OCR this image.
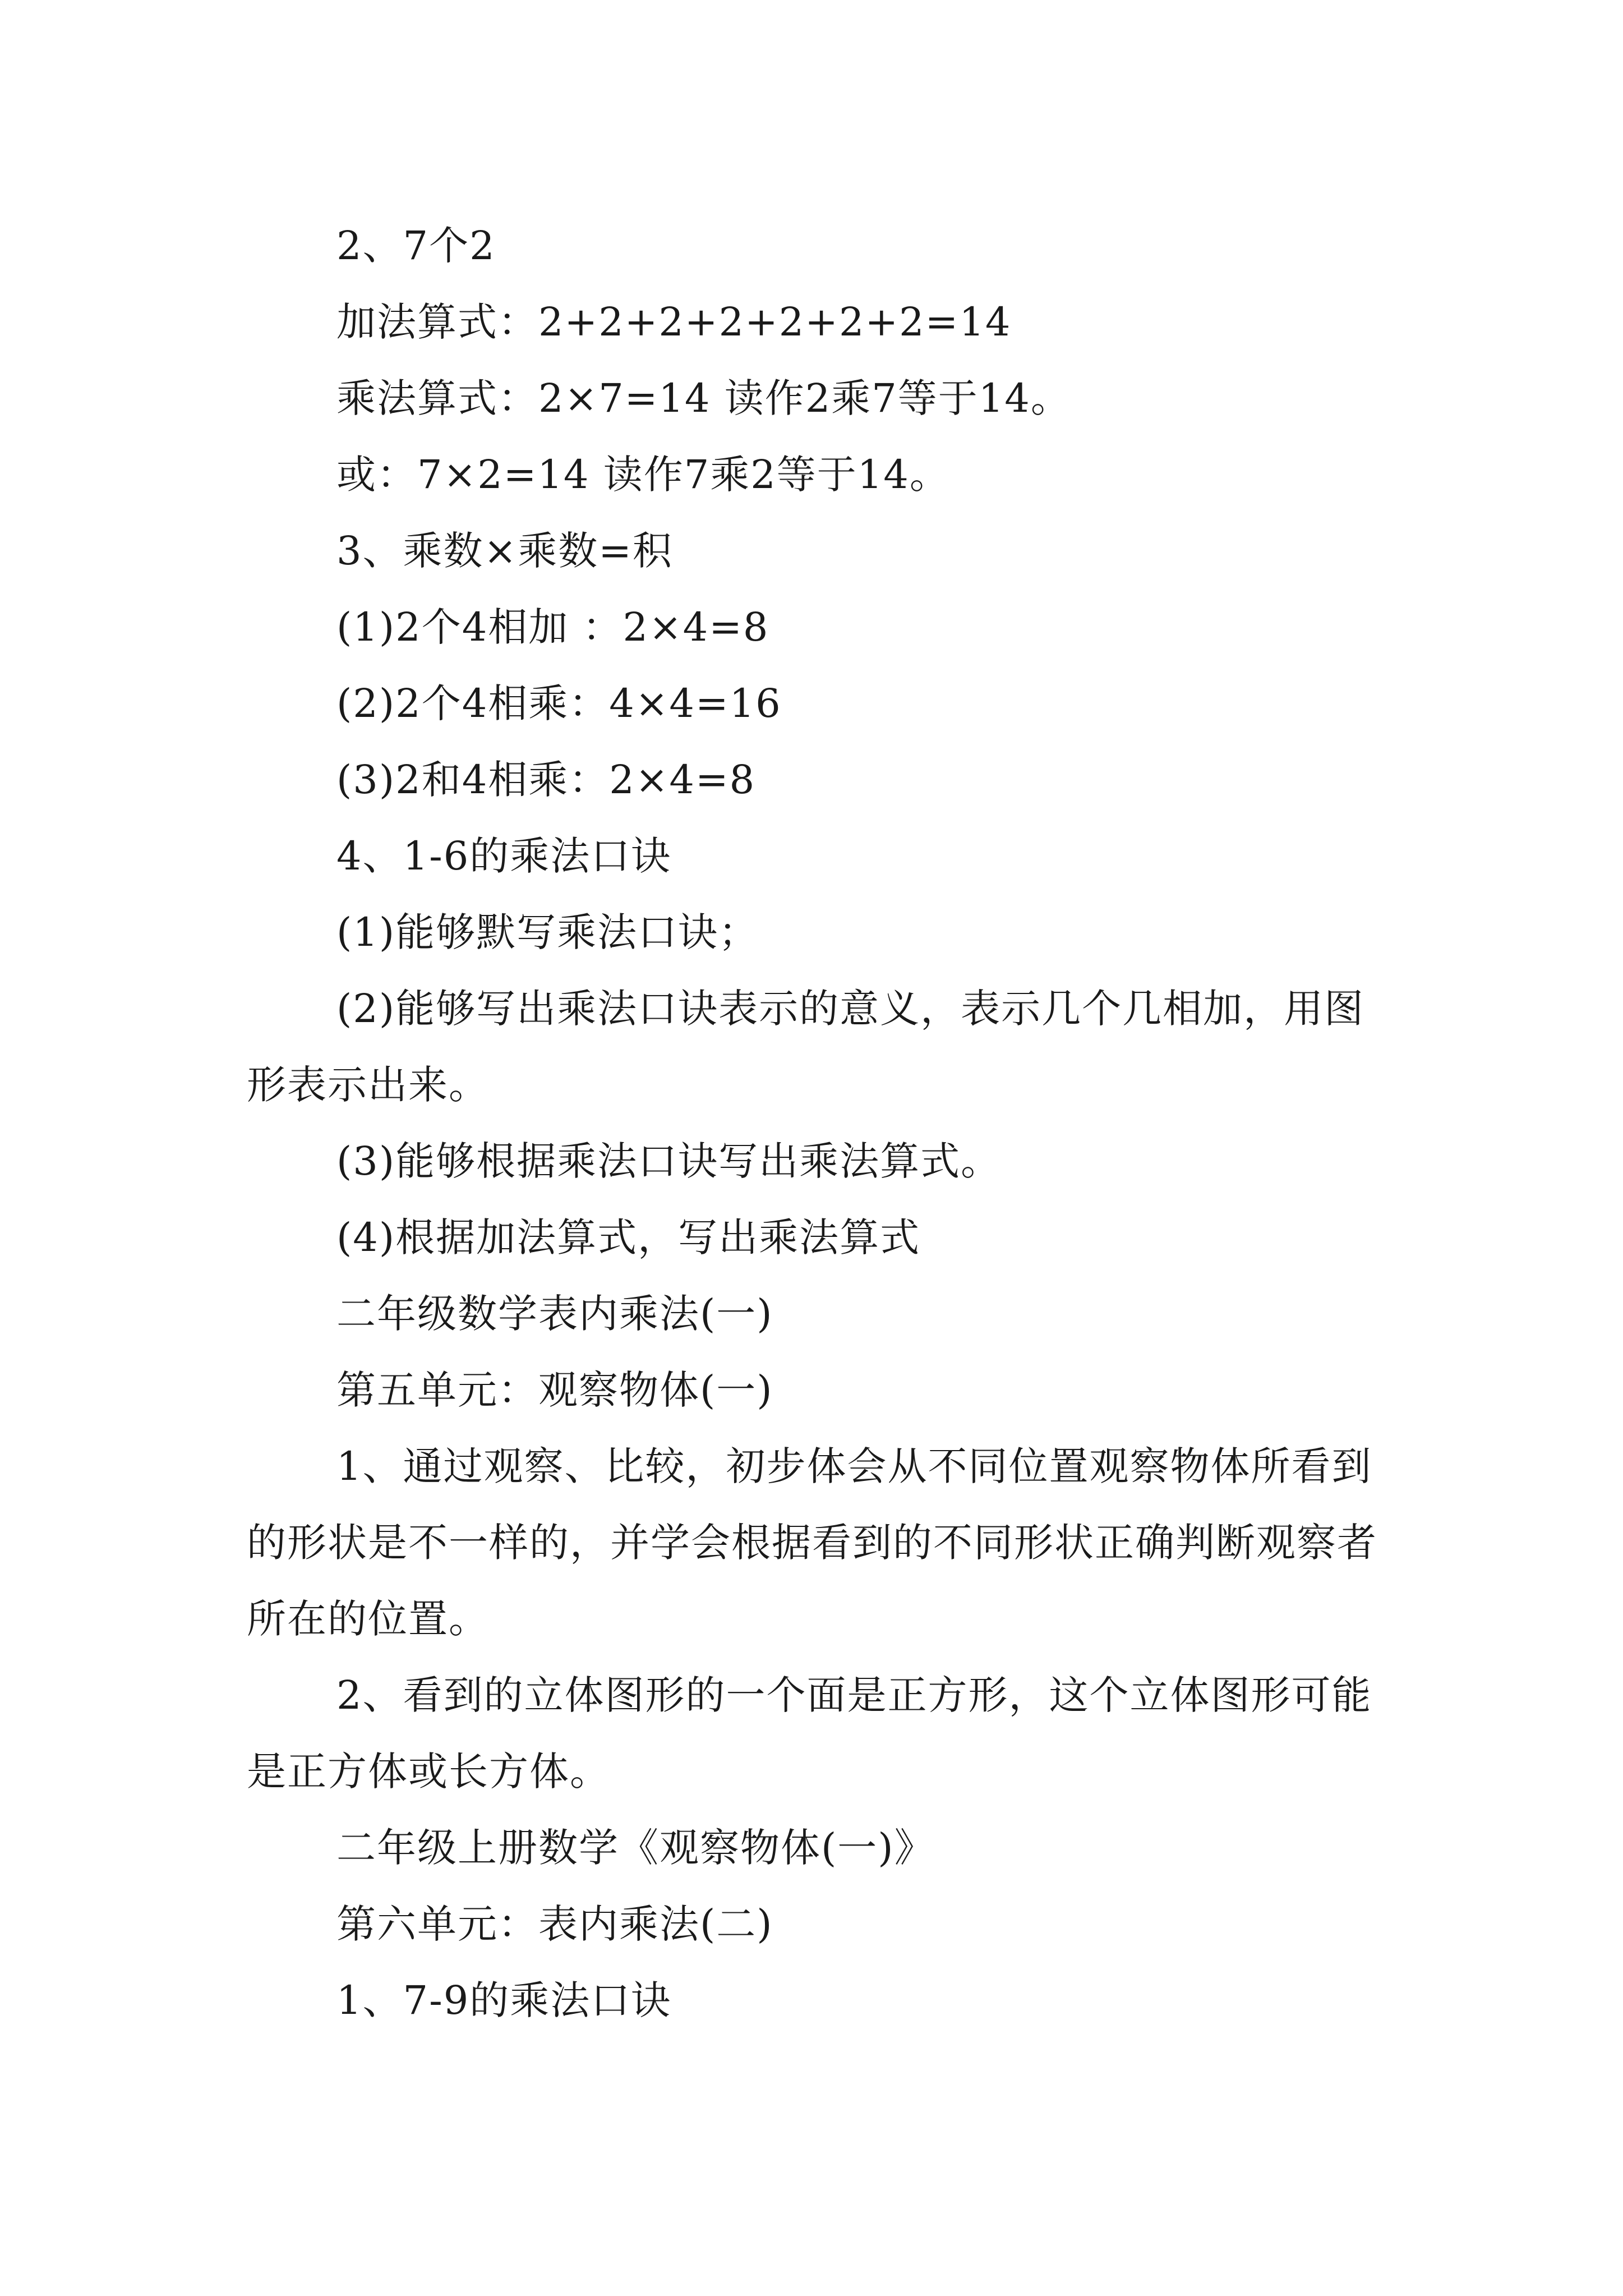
2、7个2

加法算式：2+2+2+2+2+2+2=14

乘法算式：2×7=14 读作2乘7等于14。

或：7×2=14 读作7乘2等于14。

3、乘数×乘数=积

(1)2个4相加 ：2×4=8

(2)2个4相乘：4×4=16

(3)2和4相乘：2×4=8

4、1-6的乘法口诀

(1)能够默写乘法口诀；

(2)能够写出乘法口诀表示的意义，表示几个几相加，用图形表示出来。

(3)能够根据乘法口诀写出乘法算式。

(4)根据加法算式，写出乘法算式

二年级数学表内乘法(一)

第五单元：观察物体(一)

1、通过观察、比较，初步体会从不同位置观察物体所看到的形状是不一样的，并学会根据看到的不同形状正确判断观察者所在的位置。

2、看到的立体图形的一个面是正方形，这个立体图形可能是正方体或长方体。

二年级上册数学《观察物体(一)》

第六单元：表内乘法(二)

1、7-9的乘法口诀
